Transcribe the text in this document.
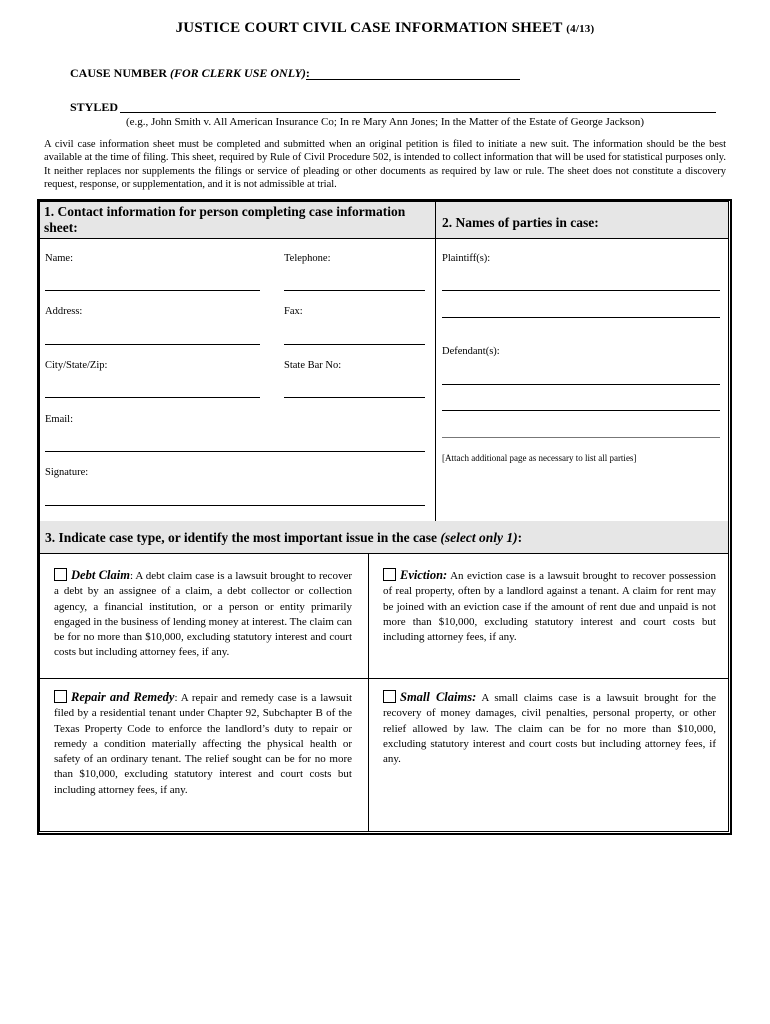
JUSTICE COURT CIVIL CASE INFORMATION SHEET (4/13)
CAUSE NUMBER (FOR CLERK USE ONLY):
STYLED
(e.g., John Smith v. All American Insurance Co; In re Mary Ann Jones; In the Matter of the Estate of George Jackson)
A civil case information sheet must be completed and submitted when an original petition is filed to initiate a new suit. The information should be the best available at the time of filing. This sheet, required by Rule of Civil Procedure 502, is intended to collect information that will be used for statistical purposes only. It neither replaces nor supplements the filings or service of pleading or other documents as required by law or rule. The sheet does not constitute a discovery request, response, or supplementation, and it is not admissible at trial.
1. Contact information for person completing case information sheet:	2. Names of parties in case:
Name:	Telephone:
Address:	Fax:
City/State/Zip:	State Bar No:
Email:
Signature:
Plaintiff(s):
Defendant(s):
[Attach additional page as necessary to list all parties]
3. Indicate case type, or identify the most important issue in the case (select only 1):
Debt Claim: A debt claim case is a lawsuit brought to recover a debt by an assignee of a claim, a debt collector or collection agency, a financial institution, or a person or entity primarily engaged in the business of lending money at interest. The claim can be for no more than $10,000, excluding statutory interest and court costs but including attorney fees, if any.
Eviction: An eviction case is a lawsuit brought to recover possession of real property, often by a landlord against a tenant. A claim for rent may be joined with an eviction case if the amount of rent due and unpaid is not more than $10,000, excluding statutory interest and court costs but including attorney fees, if any.
Repair and Remedy: A repair and remedy case is a lawsuit filed by a residential tenant under Chapter 92, Subchapter B of the Texas Property Code to enforce the landlord’s duty to repair or remedy a condition materially affecting the physical health or safety of an ordinary tenant. The relief sought can be for no more than $10,000, excluding statutory interest and court costs but including attorney fees, if any.
Small Claims: A small claims case is a lawsuit brought for the recovery of money damages, civil penalties, personal property, or other relief allowed by law. The claim can be for no more than $10,000, excluding statutory interest and court costs but including attorney fees, if any.
